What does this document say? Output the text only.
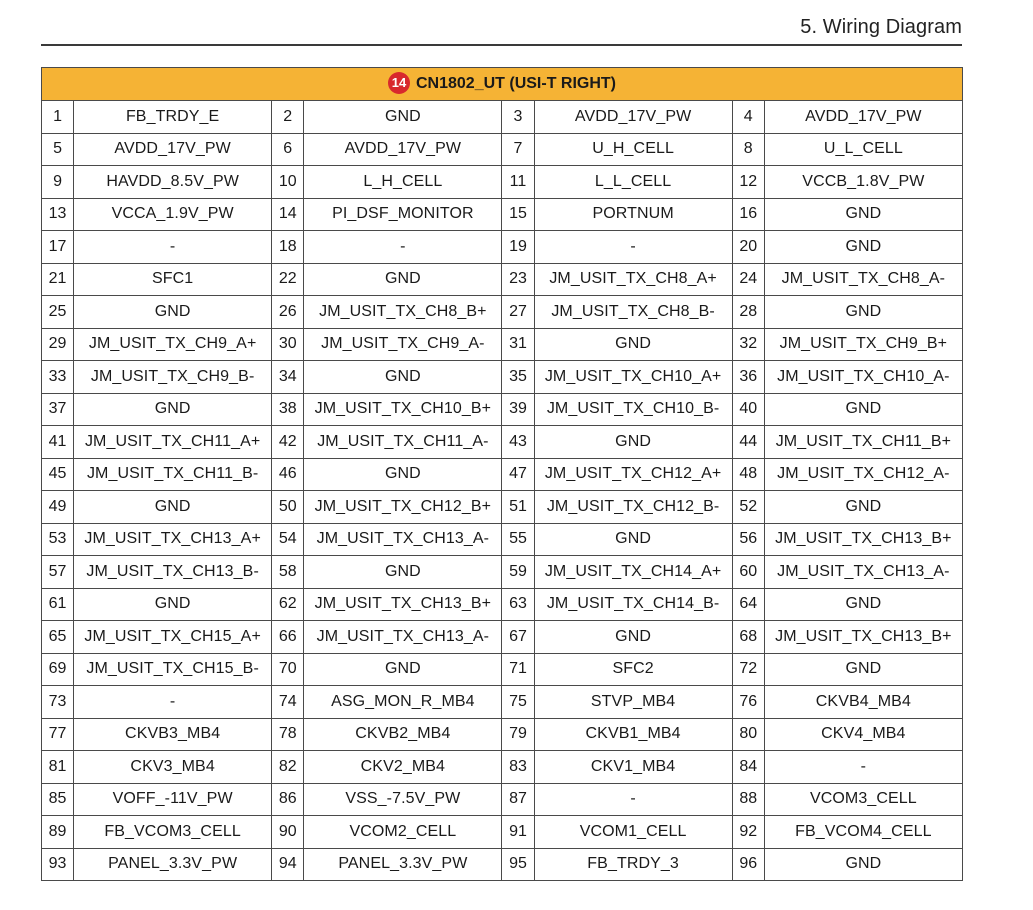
5. Wiring Diagram
14 CN1802_UT (USI-T RIGHT)							
1	FB_TRDY_E	2	GND	3	AVDD_17V_PW	4	AVDD_17V_PW
5	AVDD_17V_PW	6	AVDD_17V_PW	7	U_H_CELL	8	U_L_CELL
9	HAVDD_8.5V_PW	10	L_H_CELL	11	L_L_CELL	12	VCCB_1.8V_PW
13	VCCA_1.9V_PW	14	PI_DSF_MONITOR	15	PORTNUM	16	GND
17	-	18	-	19	-	20	GND
21	SFC1	22	GND	23	JM_USIT_TX_CH8_A+	24	JM_USIT_TX_CH8_A-
25	GND	26	JM_USIT_TX_CH8_B+	27	JM_USIT_TX_CH8_B-	28	GND
29	JM_USIT_TX_CH9_A+	30	JM_USIT_TX_CH9_A-	31	GND	32	JM_USIT_TX_CH9_B+
33	JM_USIT_TX_CH9_B-	34	GND	35	JM_USIT_TX_CH10_A+	36	JM_USIT_TX_CH10_A-
37	GND	38	JM_USIT_TX_CH10_B+	39	JM_USIT_TX_CH10_B-	40	GND
41	JM_USIT_TX_CH11_A+	42	JM_USIT_TX_CH11_A-	43	GND	44	JM_USIT_TX_CH11_B+
45	JM_USIT_TX_CH11_B-	46	GND	47	JM_USIT_TX_CH12_A+	48	JM_USIT_TX_CH12_A-
49	GND	50	JM_USIT_TX_CH12_B+	51	JM_USIT_TX_CH12_B-	52	GND
53	JM_USIT_TX_CH13_A+	54	JM_USIT_TX_CH13_A-	55	GND	56	JM_USIT_TX_CH13_B+
57	JM_USIT_TX_CH13_B-	58	GND	59	JM_USIT_TX_CH14_A+	60	JM_USIT_TX_CH13_A-
61	GND	62	JM_USIT_TX_CH13_B+	63	JM_USIT_TX_CH14_B-	64	GND
65	JM_USIT_TX_CH15_A+	66	JM_USIT_TX_CH13_A-	67	GND	68	JM_USIT_TX_CH13_B+
69	JM_USIT_TX_CH15_B-	70	GND	71	SFC2	72	GND
73	-	74	ASG_MON_R_MB4	75	STVP_MB4	76	CKVB4_MB4
77	CKVB3_MB4	78	CKVB2_MB4	79	CKVB1_MB4	80	CKV4_MB4
81	CKV3_MB4	82	CKV2_MB4	83	CKV1_MB4	84	-
85	VOFF_-11V_PW	86	VSS_-7.5V_PW	87	-	88	VCOM3_CELL
89	FB_VCOM3_CELL	90	VCOM2_CELL	91	VCOM1_CELL	92	FB_VCOM4_CELL
93	PANEL_3.3V_PW	94	PANEL_3.3V_PW	95	FB_TRDY_3	96	GND
